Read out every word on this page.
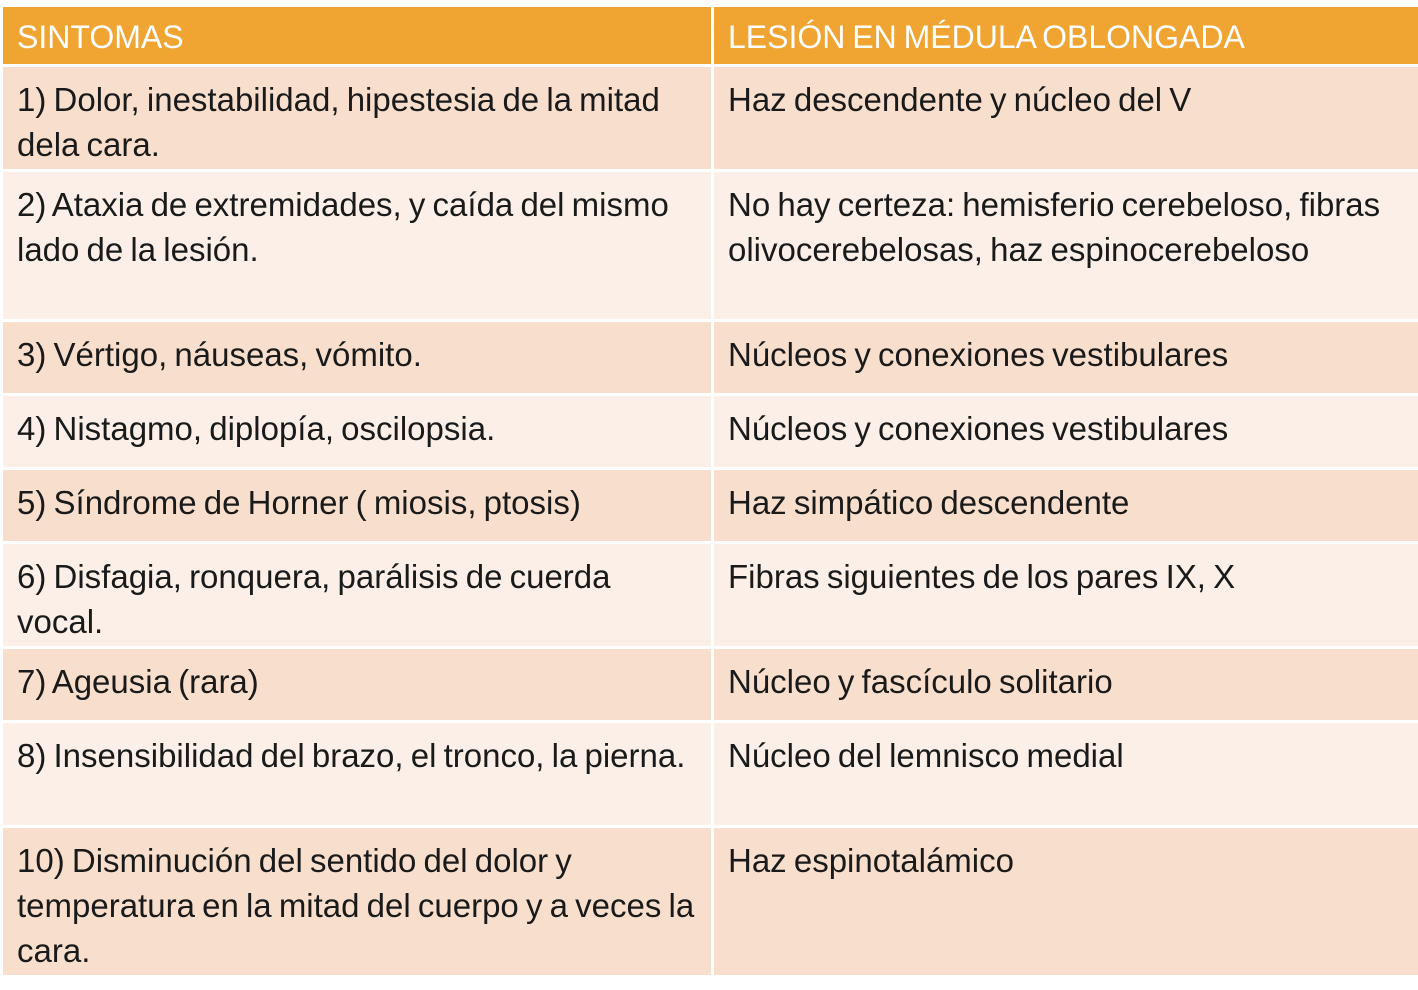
SINTOMAS	LESIÓN EN MÉDULA OBLONGADA
1) Dolor, inestabilidad, hipestesia de la mitad dela cara.	Haz descendente y núcleo del V
2) Ataxia de extremidades, y caída del mismo lado de la lesión.	No hay certeza: hemisferio cerebeloso, fibras olivocerebelosas, haz espinocerebeloso
3) Vértigo, náuseas, vómito.	Núcleos y conexiones vestibulares
4) Nistagmo, diplopía, oscilopsia.	Núcleos y conexiones vestibulares
5) Síndrome de Horner ( miosis, ptosis)	Haz simpático descendente
6) Disfagia, ronquera, parálisis de cuerda vocal.	Fibras siguientes de los pares IX, X
7) Ageusia (rara)	Núcleo y fascículo solitario
8) Insensibilidad del brazo, el tronco, la pierna.	Núcleo del lemnisco medial
10) Disminución del sentido del dolor y temperatura en la mitad del cuerpo y a veces la cara.	Haz espinotalámico
